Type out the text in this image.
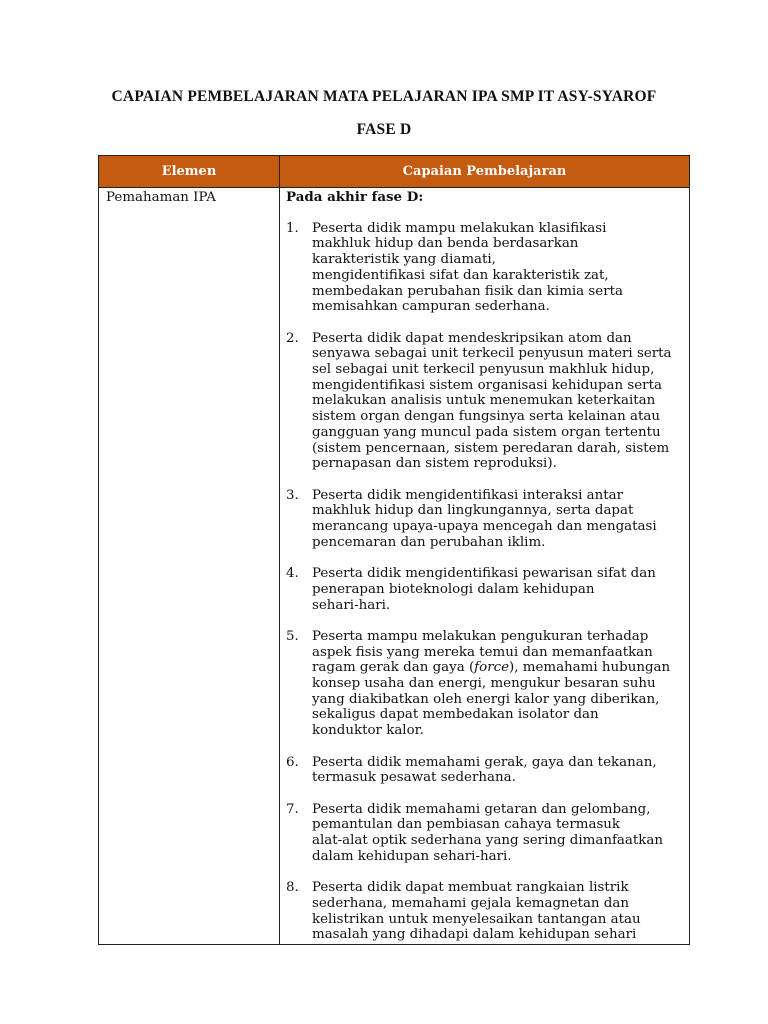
CAPAIAN PEMBELAJARAN MATA PELAJARAN IPA SMP IT ASY-SYAROF
FASE D
Elemen	Capaian Pembelajaran
Pemahaman IPA	Pada akhir fase D:
1. Peserta didik mampu melakukan klasifikasi
makhluk hidup dan benda berdasarkan
karakteristik yang diamati,
mengidentifikasi sifat dan karakteristik zat,
membedakan perubahan fisik dan kimia serta
memisahkan campuran sederhana.
2. Peserta didik dapat mendeskripsikan atom dan
senyawa sebagai unit terkecil penyusun materi serta
sel sebagai unit terkecil penyusun makhluk hidup,
mengidentifikasi sistem organisasi kehidupan serta
melakukan analisis untuk menemukan keterkaitan
sistem organ dengan fungsinya serta kelainan atau
gangguan yang muncul pada sistem organ tertentu
(sistem pencernaan, sistem peredaran darah, sistem
pernapasan dan sistem reproduksi).
3. Peserta didik mengidentifikasi interaksi antar
makhluk hidup dan lingkungannya, serta dapat
merancang upaya-upaya mencegah dan mengatasi
pencemaran dan perubahan iklim.
4. Peserta didik mengidentifikasi pewarisan sifat dan
penerapan bioteknologi dalam kehidupan
sehari-hari.
5. Peserta mampu melakukan pengukuran terhadap
aspek fisis yang mereka temui dan memanfaatkan
ragam gerak dan gaya (force), memahami hubungan
konsep usaha dan energi, mengukur besaran suhu
yang diakibatkan oleh energi kalor yang diberikan,
sekaligus dapat membedakan isolator dan
konduktor kalor.
6. Peserta didik memahami gerak, gaya dan tekanan,
termasuk pesawat sederhana.
7. Peserta didik memahami getaran dan gelombang,
pemantulan dan pembiasan cahaya termasuk
alat-alat optik sederhana yang sering dimanfaatkan
dalam kehidupan sehari-hari.
8. Peserta didik dapat membuat rangkaian listrik
sederhana, memahami gejala kemagnetan dan
kelistrikan untuk menyelesaikan tantangan atau
masalah yang dihadapi dalam kehidupan sehari
